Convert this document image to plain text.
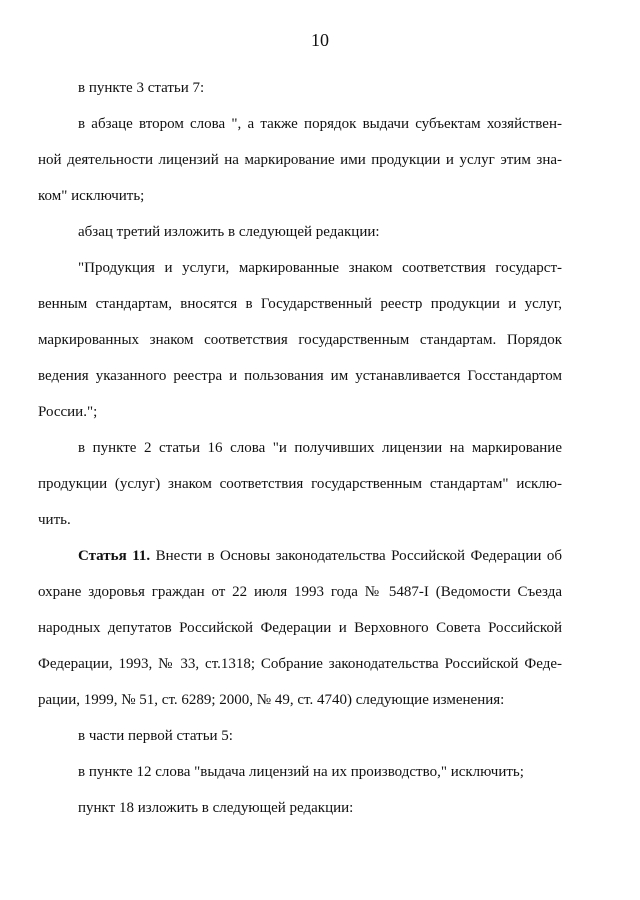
10
в пункте 3 статьи 7:
в абзаце втором слова ", а также порядок выдачи субъектам хозяйствен-
ной деятельности лицензий на маркирование ими продукции и услуг этим зна-
ком" исключить;
абзац третий изложить в следующей редакции:
"Продукция и услуги, маркированные знаком соответствия государст-
венным стандартам, вносятся в Государственный реестр продукции и услуг,
маркированных знаком соответствия государственным стандартам. Порядок
ведения указанного реестра и пользования им устанавливается Госстандартом
России.";
в пункте 2 статьи 16 слова "и получивших лицензии на маркирование
продукции (услуг) знаком соответствия государственным стандартам" исклю-
чить.
Статья 11. Внести в Основы законодательства Российской Федерации об
охране здоровья граждан от 22 июля 1993 года № 5487-I (Ведомости Съезда
народных депутатов Российской Федерации и Верховного Совета Российской
Федерации, 1993, № 33, ст.1318; Собрание законодательства Российской Феде-
рации, 1999, № 51, ст. 6289; 2000, № 49, ст. 4740) следующие изменения:
в части первой статьи 5:
в пункте 12 слова "выдача лицензий на их производство," исключить;
пункт 18 изложить в следующей редакции:
